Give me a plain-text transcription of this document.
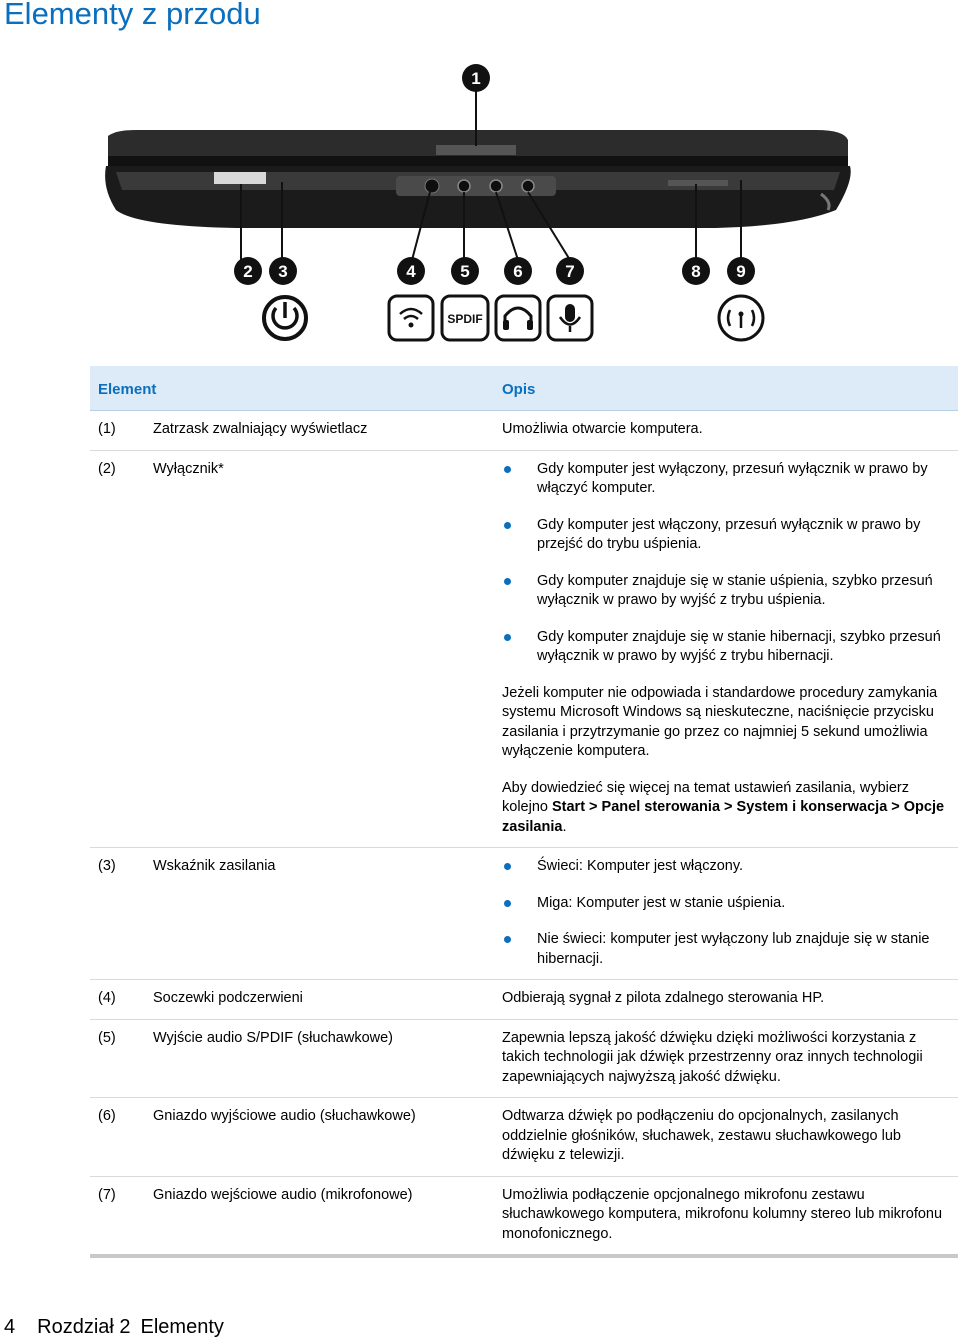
Elementy z przodu
1
2 3	4	5	6	7	8 9
SPDIF
Element	Opis
(1)	Zatrzask zwalniający wyświetlacz	Umożliwia otwarcie komputera.

(2)	Wyłącznik*	Gdy komputer jest wyłączony, przesuń wyłącznik w prawo by włączyć komputer.
Gdy komputer jest włączony, przesuń wyłącznik w prawo by przejść do trybu uśpienia.
Gdy komputer znajduje się w stanie uśpienia, szybko przesuń wyłącznik w prawo by wyjść z trybu uśpienia.
Gdy komputer znajduje się w stanie hibernacji, szybko przesuń wyłącznik w prawo by wyjść z trybu hibernacji.

Jeżeli komputer nie odpowiada i standardowe procedury zamykania systemu Microsoft Windows są nieskuteczne, naciśnięcie przycisku zasilania i przytrzymanie go przez co najmniej 5 sekund umożliwia wyłączenie komputera.

Aby dowiedzieć się więcej na temat ustawień zasilania, wybierz kolejno Start > Panel sterowania > System i konserwacja > Opcje zasilania.

(3)	Wskaźnik zasilania	Świeci: Komputer jest włączony.
Miga: Komputer jest w stanie uśpienia.
Nie świeci: komputer jest wyłączony lub znajduje się w stanie hibernacji.
(4)	Soczewki podczerwieni	Odbierają sygnał z pilota zdalnego sterowania HP.

(5)	Wyjście audio S/PDIF (słuchawkowe)	Zapewnia lepszą jakość dźwięku dzięki możliwości korzystania z takich technologii jak dźwięk przestrzenny oraz innych technologii zapewniających najwyższą jakość dźwięku.

(6)	Gniazdo wyjściowe audio (słuchawkowe)	Odtwarza dźwięk po podłączeniu do opcjonalnych, zasilanych oddzielnie głośników, słuchawek, zestawu słuchawkowego lub dźwięku z telewizji.

(7)	Gniazdo wejściowe audio (mikrofonowe)	Umożliwia podłączenie opcjonalnego mikrofonu zestawu słuchawkowego komputera, mikrofonu kolumny stereo lub mikrofonu monofonicznego.

4 Rozdział 2 Elementy
